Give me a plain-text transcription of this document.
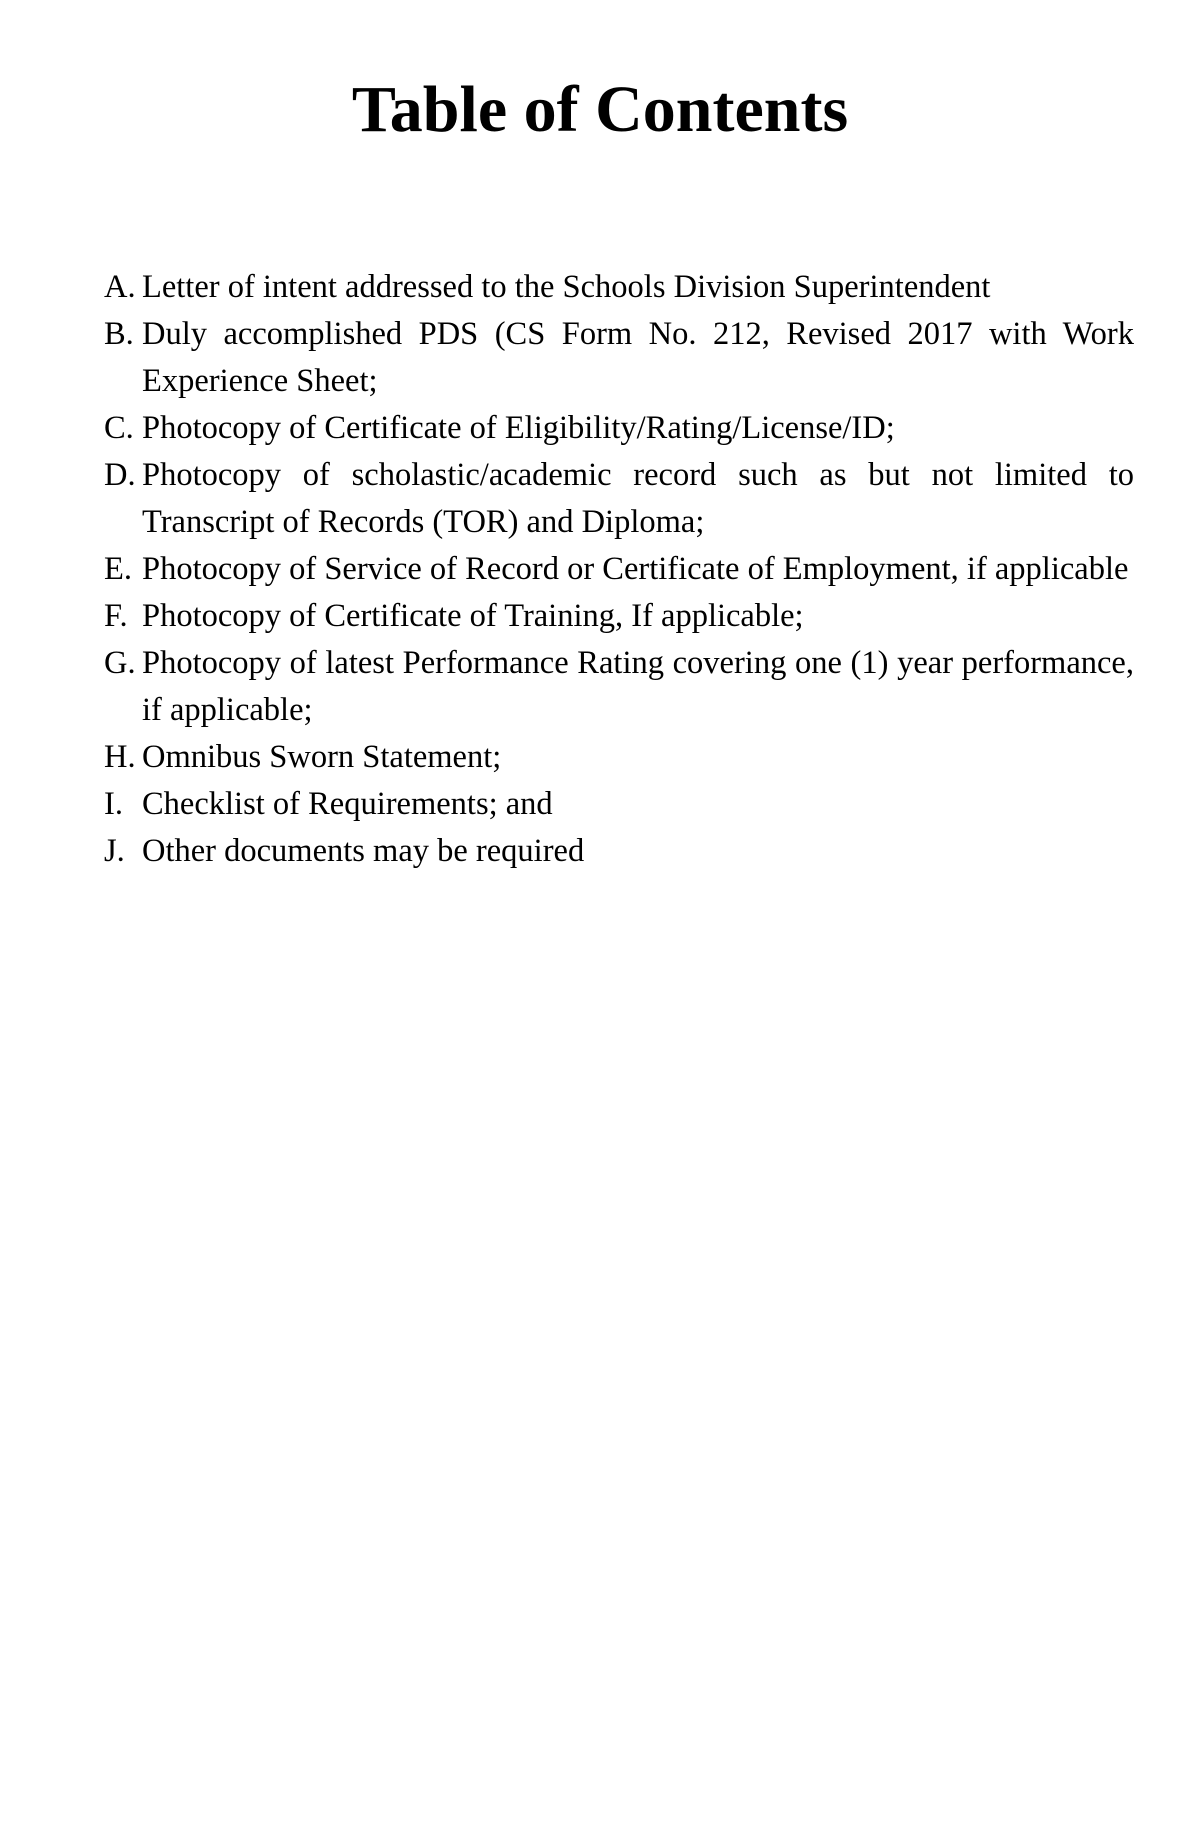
Table of Contents
A. Letter of intent addressed to the Schools Division Superintendent
B. Duly accomplished PDS (CS Form No. 212, Revised 2017 with Work Experience Sheet;
C. Photocopy of Certificate of Eligibility/Rating/License/ID;
D. Photocopy of scholastic/academic record such as but not limited to Transcript of Records (TOR) and Diploma;
E. Photocopy of Service of Record or Certificate of Employment, if applicable
F. Photocopy of Certificate of Training, If applicable;
G. Photocopy of latest Performance Rating covering one (1) year performance, if applicable;
H. Omnibus Sworn Statement;
I. Checklist of Requirements; and
J. Other documents may be required
